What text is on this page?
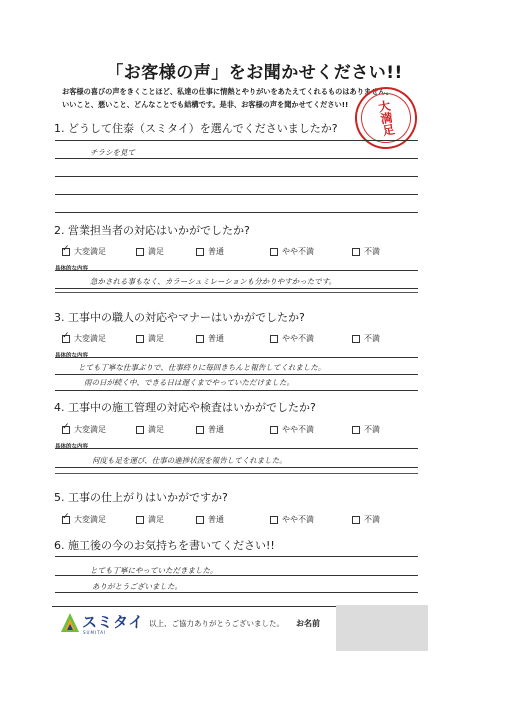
「お客様の声」をお聞かせください!!
お客様の喜びの声をきくことほど、私達の仕事に情熱とやりがいをあたえてくれるものはありません。
いいこと、悪いこと、どんなことでも結構です。是非、お客様の声を聞かせてください!! 大満足
1. どうして住泰（スミタイ）を選んでくださいましたか?
チラシを見て
2. 営業担当者の対応はいかがでしたか?
✓
大変満足	満足	普通	やや不満	不満
具体的な内容
急かされる事もなく、カラーシュミレーションも分かりやすかったです。
3. 工事中の職人の対応やマナーはいかがでしたか?
✓
大変満足	満足	普通	やや不満	不満
具体的な内容
とても丁寧な仕事ぶりで、仕事終りに毎回きちんと報告してくれました。
雨の日が続く中、できる日は遅くまでやっていただけました。
4. 工事中の施工管理の対応や検査はいかがでしたか?
✓
大変満足	満足	普通	やや不満	不満
具体的な内容
何度も足を運び、仕事の進捗状況を報告してくれました。
5. 工事の仕上がりはいかがですか?
✓
大変満足	満足	普通	やや不満	不満
6. 施工後の今のお気持ちを書いてください!!
とても丁寧にやっていただきました。
ありがとうございました。
スミタイ
SUMITAI
以上、ご協力ありがとうございました。 お名前
